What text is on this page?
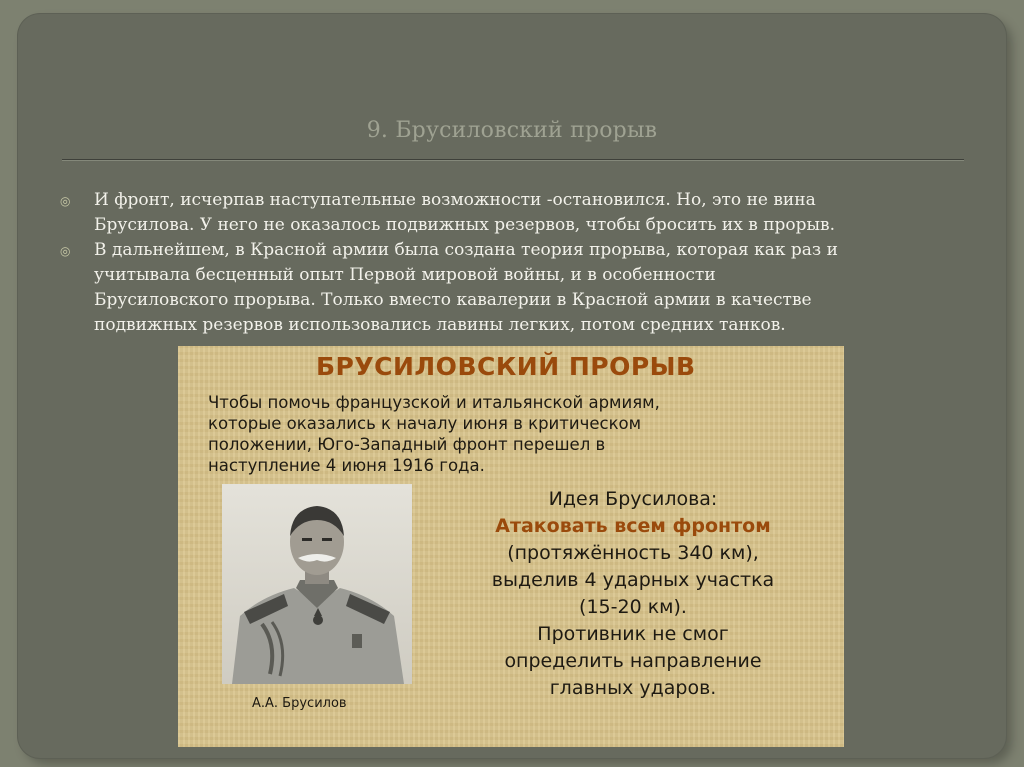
9. Брусиловский прорыв
◎ И фронт, исчерпав наступательные возможности -остановился. Но, это не вина
Брусилова. У него не оказалось подвижных резервов, чтобы бросить их в прорыв.
◎ В дальнейшем, в Красной армии была создана теория прорыва, которая как раз и
учитывала бесценный опыт Первой мировой войны, и в особенности
Брусиловского прорыва. Только вместо кавалерии в Красной армии в качестве
подвижных резервов использовались лавины легких, потом средних танков.
БРУСИЛОВСКИЙ ПРОРЫВ
Чтобы помочь французской и итальянской армиям,
которые оказались к началу июня в критическом
положении, Юго-Западный фронт перешел в
наступление 4 июня 1916 года.
А.А. Брусилов
Идея Брусилова:
Атаковать всем фронтом
(протяжённость 340 км),
выделив 4 ударных участка
(15-20 км).
Противник не смог
определить направление
главных ударов.
